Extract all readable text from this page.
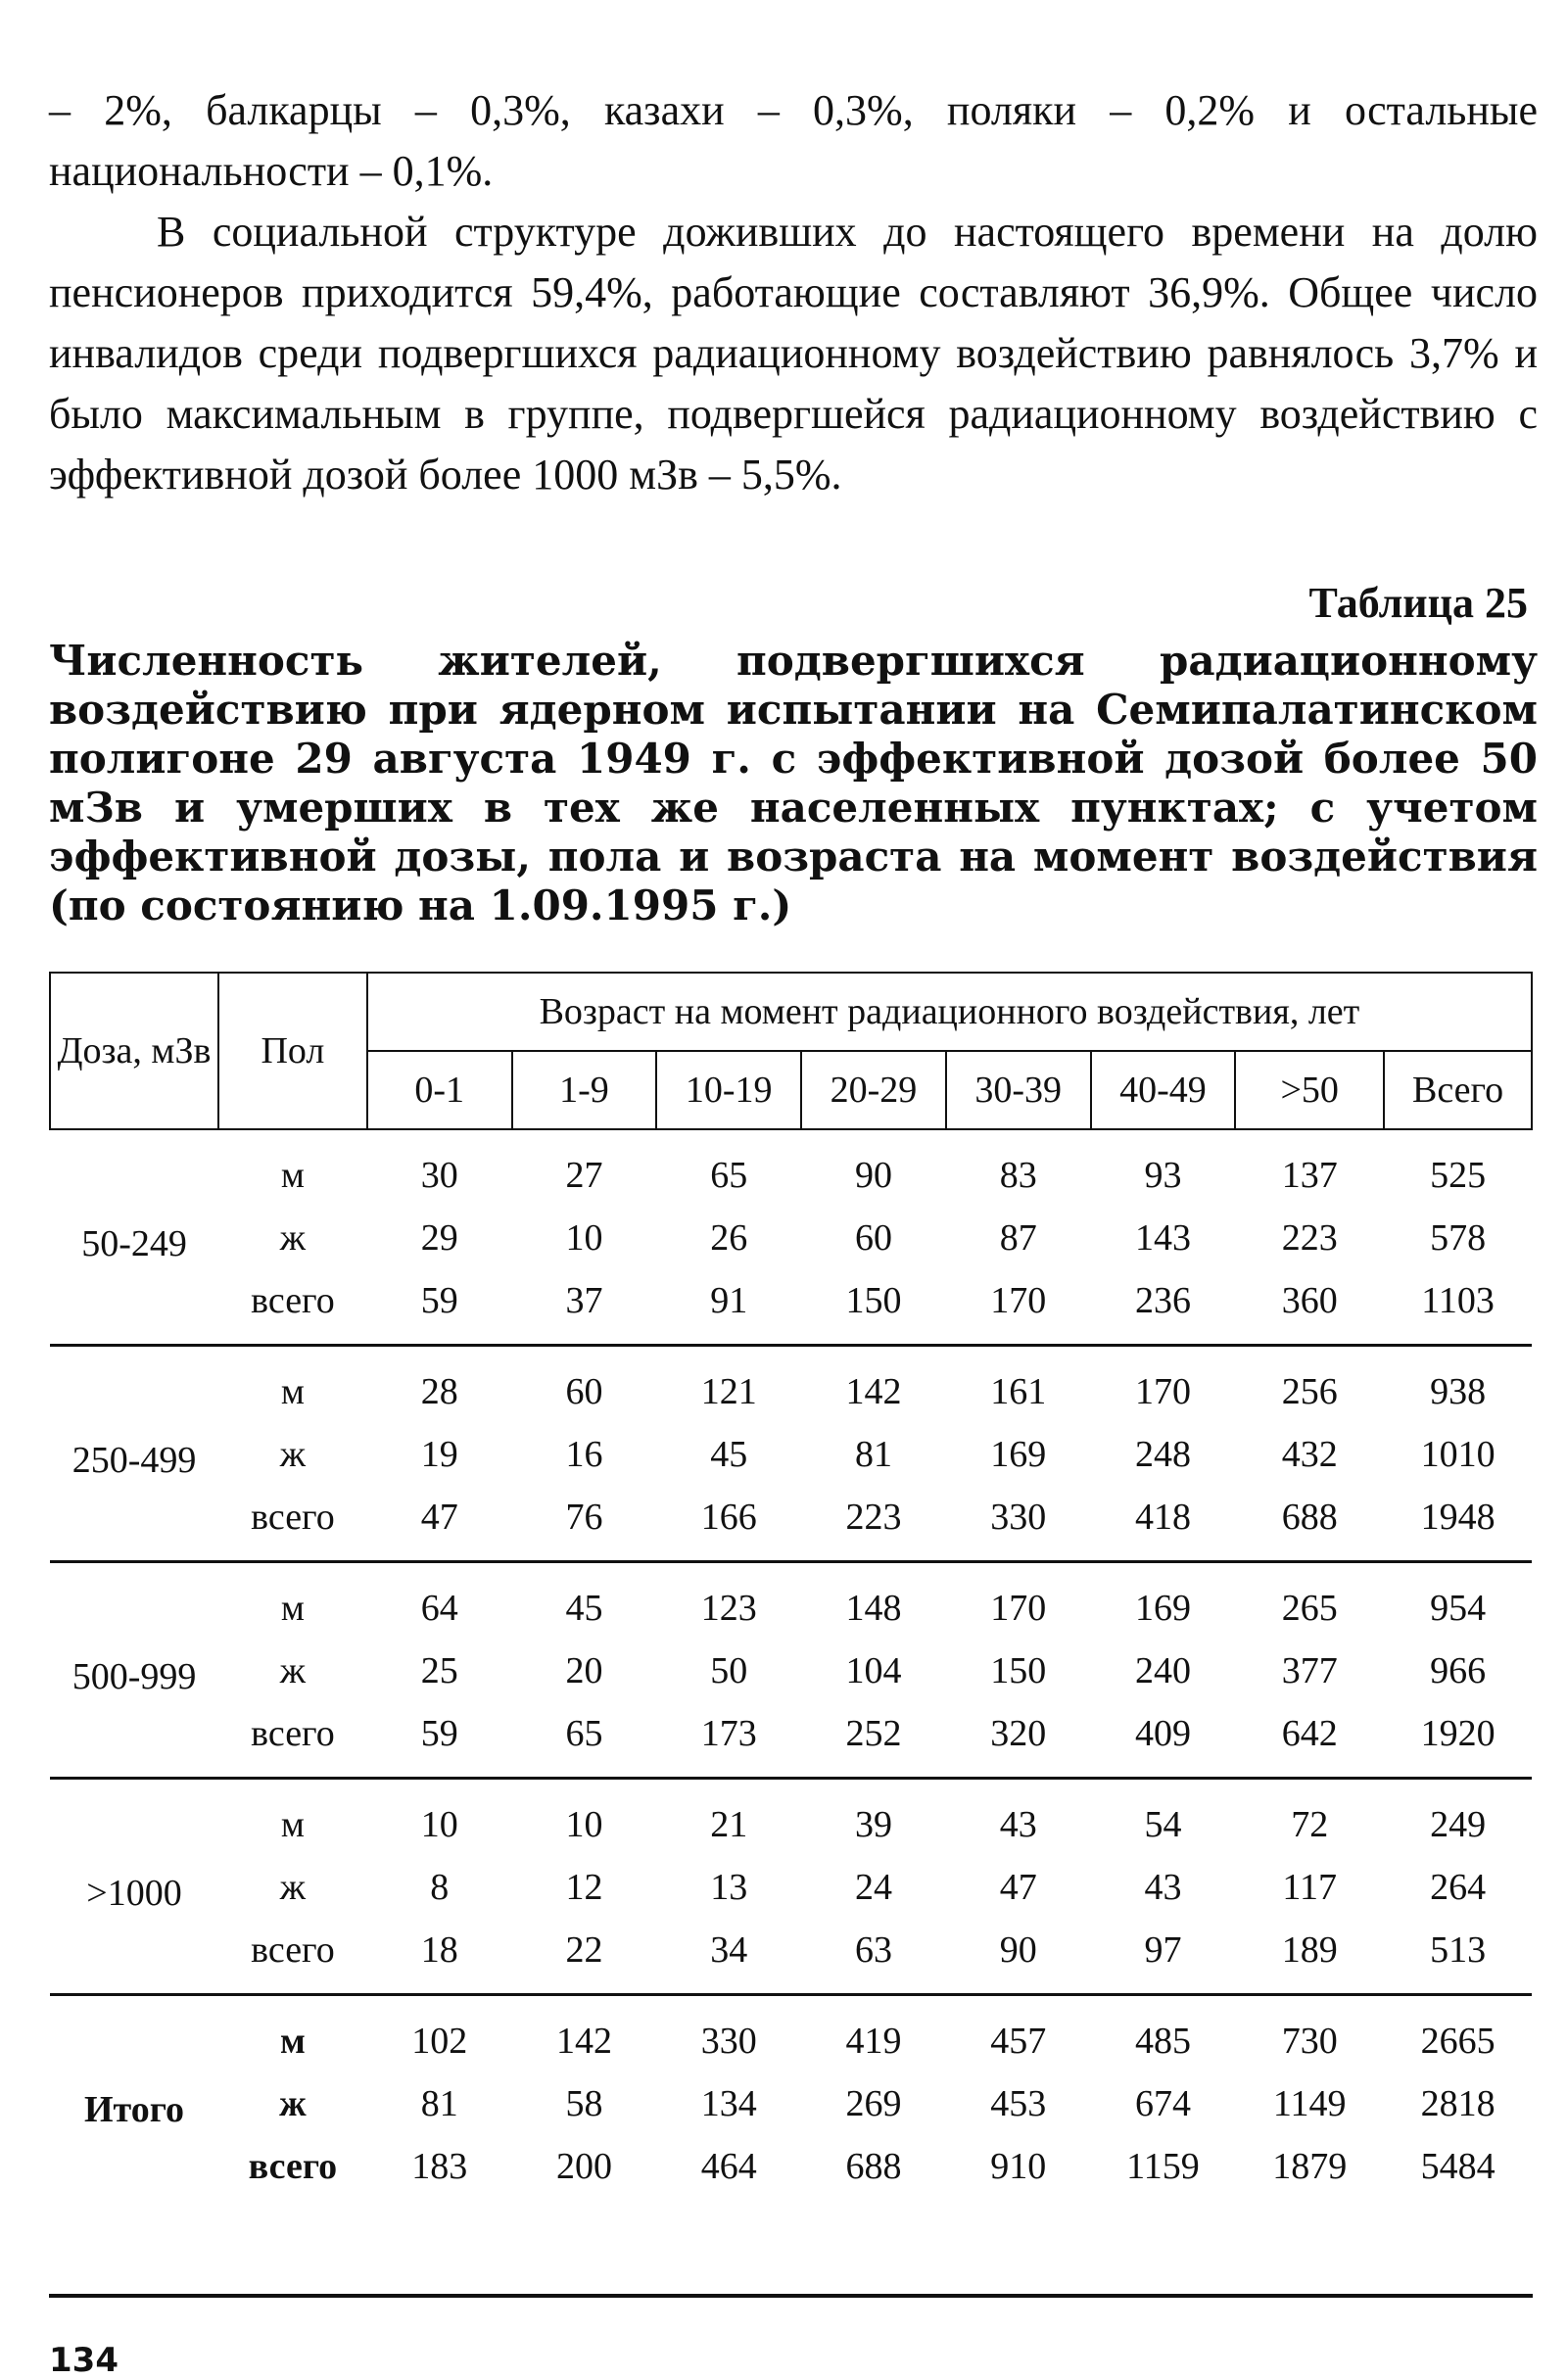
– 2%, балкарцы – 0,3%, казахи – 0,3%, поляки – 0,2% и остальные национальности – 0,1%.

В социальной структуре доживших до настоящего времени на долю пенсионеров приходится 59,4%, работающие составляют 36,9%. Общее число инвалидов среди подвергшихся радиационному воздействию равнялось 3,7% и было максимальным в группе, подвергшейся радиационному воздействию с эффективной дозой более 1000 мЗв – 5,5%.

Таблица 25
Численность жителей, подвергшихся радиационному воздействию при ядерном испытании на Семипалатинском полигоне 29 августа 1949 г. с эффективной дозой более 50 мЗв и умерших в тех же населенных пунктах; с учетом эффективной дозы, пола и возраста на момент воздействия (по состоянию на 1.09.1995 г.)
Доза, мЗв	Пол	Возраст на момент радиационного воздействия, лет							
		0-1	1-9	10-19	20-29	30-39	40-49	>50	Всего
50-249	м	30	27	65	90	83	93	137	525
	ж	29	10	26	60	87	143	223	578
	всего	59	37	91	150	170	236	360	1103
250-499	м	28	60	121	142	161	170	256	938
	ж	19	16	45	81	169	248	432	1010
	всего	47	76	166	223	330	418	688	1948
500-999	м	64	45	123	148	170	169	265	954
	ж	25	20	50	104	150	240	377	966
	всего	59	65	173	252	320	409	642	1920
>1000	м	10	10	21	39	43	54	72	249
	ж	8	12	13	24	47	43	117	264
	всего	18	22	34	63	90	97	189	513
Итого	м	102	142	330	419	457	485	730	2665
	ж	81	58	134	269	453	674	1149	2818
	всего	183	200	464	688	910	1159	1879	5484
134
